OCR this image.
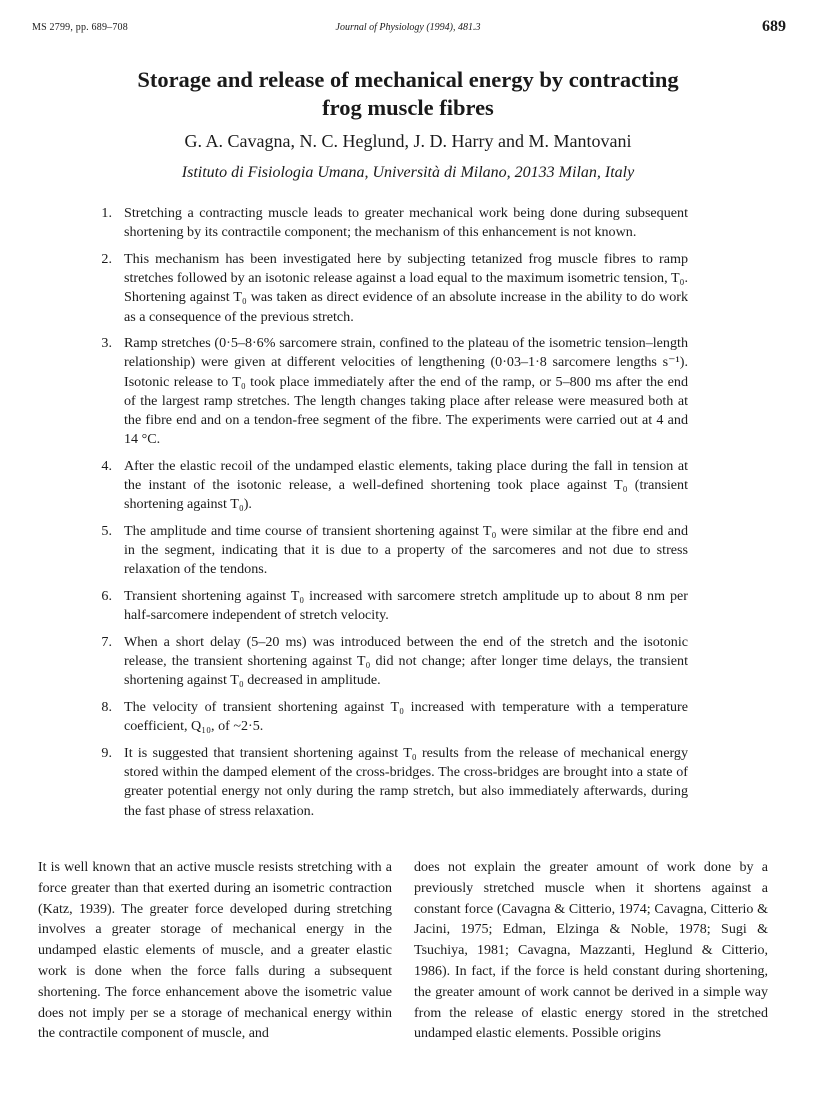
MS 2799, pp. 689–708	Journal of Physiology (1994), 481.3	689
Storage and release of mechanical energy by contracting
frog muscle fibres
G. A. Cavagna, N. C. Heglund, J. D. Harry and M. Mantovani
Istituto di Fisiologia Umana, Università di Milano, 20133 Milan, Italy
1. Stretching a contracting muscle leads to greater mechanical work being done during subsequent shortening by its contractile component; the mechanism of this enhancement is not known.
2. This mechanism has been investigated here by subjecting tetanized frog muscle fibres to ramp stretches followed by an isotonic release against a load equal to the maximum isometric tension, T₀. Shortening against T₀ was taken as direct evidence of an absolute increase in the ability to do work as a consequence of the previous stretch.
3. Ramp stretches (0·5–8·6% sarcomere strain, confined to the plateau of the isometric tension–length relationship) were given at different velocities of lengthening (0·03–1·8 sarcomere lengths s⁻¹). Isotonic release to T₀ took place immediately after the end of the ramp, or 5–800 ms after the end of the largest ramp stretches. The length changes taking place after release were measured both at the fibre end and on a tendon-free segment of the fibre. The experiments were carried out at 4 and 14 °C.
4. After the elastic recoil of the undamped elastic elements, taking place during the fall in tension at the instant of the isotonic release, a well-defined shortening took place against T₀ (transient shortening against T₀).
5. The amplitude and time course of transient shortening against T₀ were similar at the fibre end and in the segment, indicating that it is due to a property of the sarcomeres and not due to stress relaxation of the tendons.
6. Transient shortening against T₀ increased with sarcomere stretch amplitude up to about 8 nm per half-sarcomere independent of stretch velocity.
7. When a short delay (5–20 ms) was introduced between the end of the stretch and the isotonic release, the transient shortening against T₀ did not change; after longer time delays, the transient shortening against T₀ decreased in amplitude.
8. The velocity of transient shortening against T₀ increased with temperature with a temperature coefficient, Q₁₀, of ~2·5.
9. It is suggested that transient shortening against T₀ results from the release of mechanical energy stored within the damped element of the cross-bridges. The cross-bridges are brought into a state of greater potential energy not only during the ramp stretch, but also immediately afterwards, during the fast phase of stress relaxation.

It is well known that an active muscle resists stretching with a force greater than that exerted during an isometric contraction (Katz, 1939). The greater force developed during stretching involves a greater storage of mechanical energy in the undamped elastic elements of muscle, and a greater elastic work is done when the force falls during a subsequent shortening. The force enhancement above the isometric value does not imply per se a storage of mechanical energy within the contractile component of muscle, and

does not explain the greater amount of work done by a previously stretched muscle when it shortens against a constant force (Cavagna & Citterio, 1974; Cavagna, Citterio & Jacini, 1975; Edman, Elzinga & Noble, 1978; Sugi & Tsuchiya, 1981; Cavagna, Mazzanti, Heglund & Citterio, 1986). In fact, if the force is held constant during shortening, the greater amount of work cannot be derived in a simple way from the release of elastic energy stored in the stretched undamped elastic elements. Possible origins
